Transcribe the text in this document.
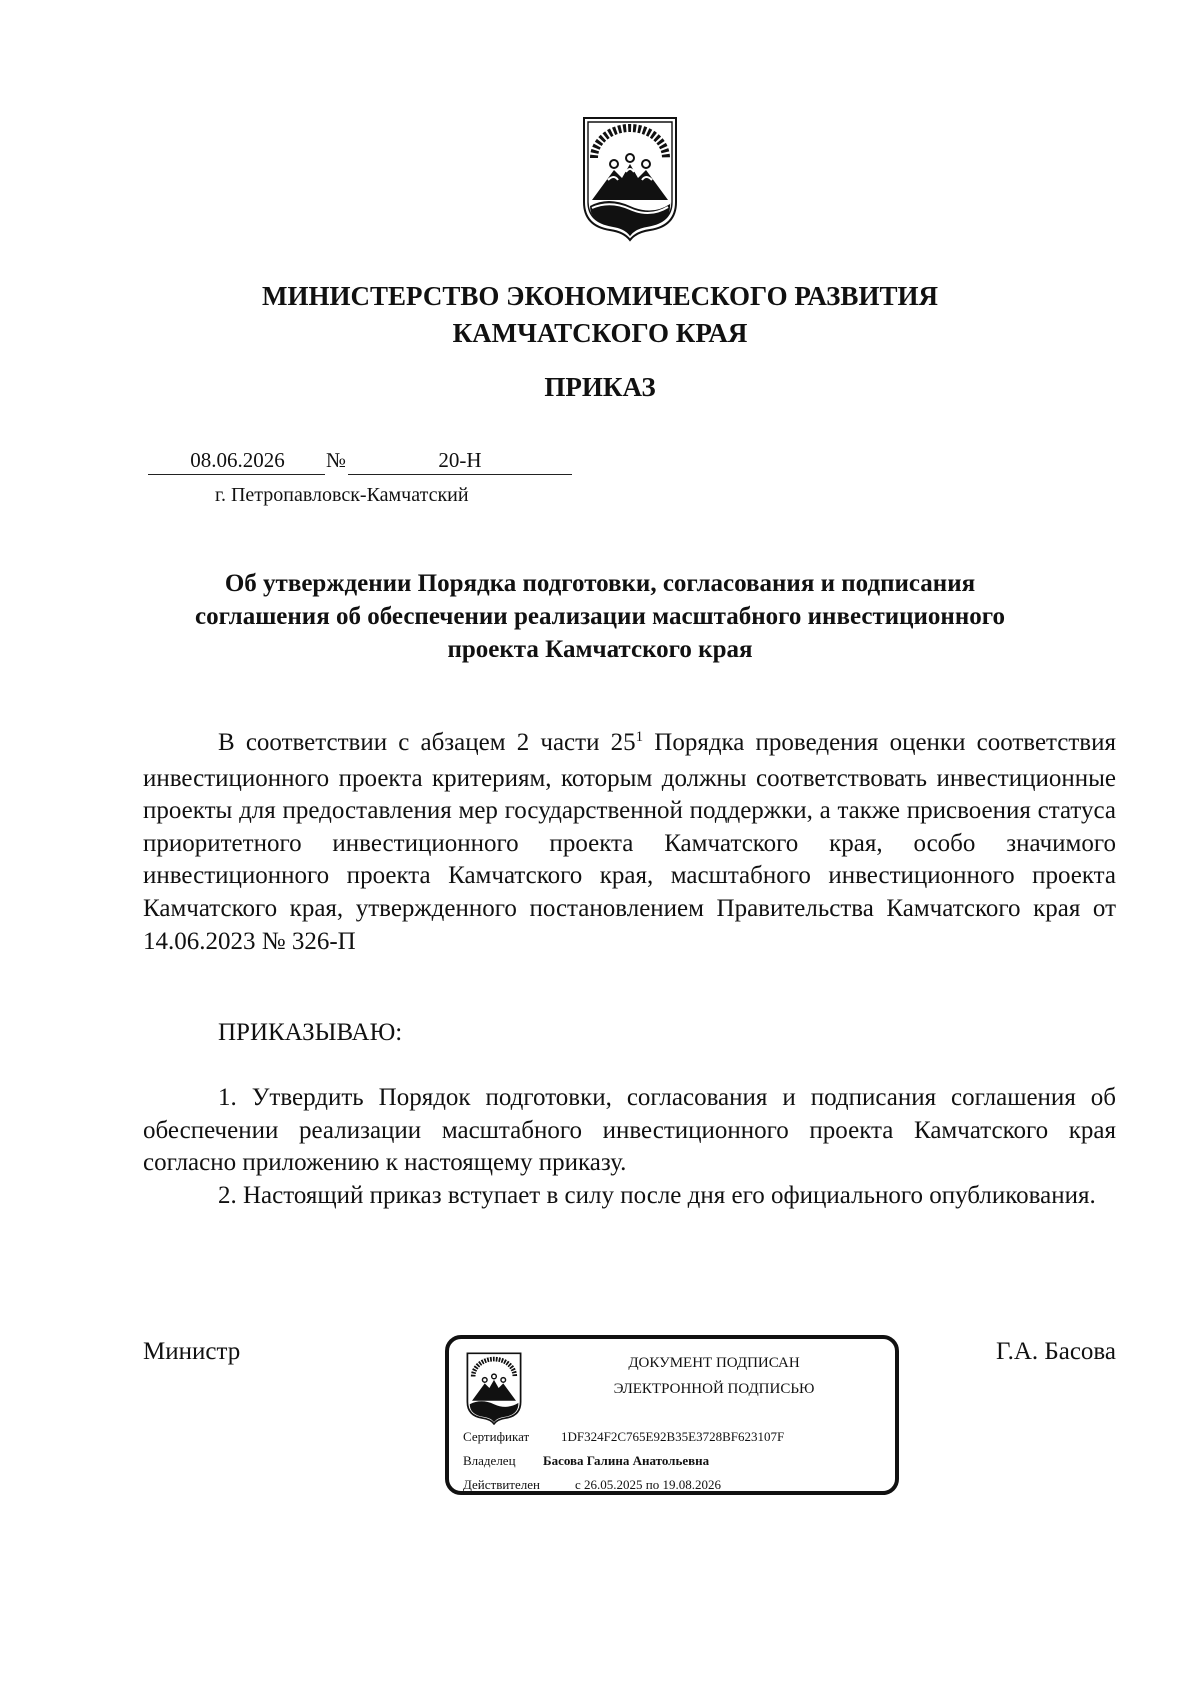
МИНИСТЕРСТВО ЭКОНОМИЧЕСКОГО РАЗВИТИЯ
КАМЧАТСКОГО КРАЯ
ПРИКАЗ
08.06.2026	№	20-Н
г. Петропавловск-Камчатский
Об утверждении Порядка подготовки, согласования и подписания соглашения об обеспечении реализации масштабного инвестиционного проекта Камчатского края
В соответствии с абзацем 2 части $25^1$ Порядка проведения оценки соответствия инвестиционного проекта критериям, которым должны соответствовать инвестиционные проекты для предоставления мер государственной поддержки, а также присвоения статуса приоритетного инвестиционного проекта Камчатского края, особо значимого инвестиционного проекта Камчатского края, масштабного инвестиционного проекта Камчатского края, утвержденного постановлением Правительства Камчатского края от 14.06.2023 № 326-П
ПРИКАЗЫВАЮ:
1. Утвердить Порядок подготовки, согласования и подписания соглашения об обеспечении реализации масштабного инвестиционного проекта Камчатского края согласно приложению к настоящему приказу.
2. Настоящий приказ вступает в силу после дня его официального опубликования.
Министр	Г.А. Басова
ДОКУМЕНТ ПОДПИСАН
ЭЛЕКТРОННОЙ ПОДПИСЬЮ
Сертификат 1DF324F2C765E92B35E3728BF623107F
Владелец Басова Галина Анатольевна
Действителен	с 26.05.2025 по 19.08.2026
